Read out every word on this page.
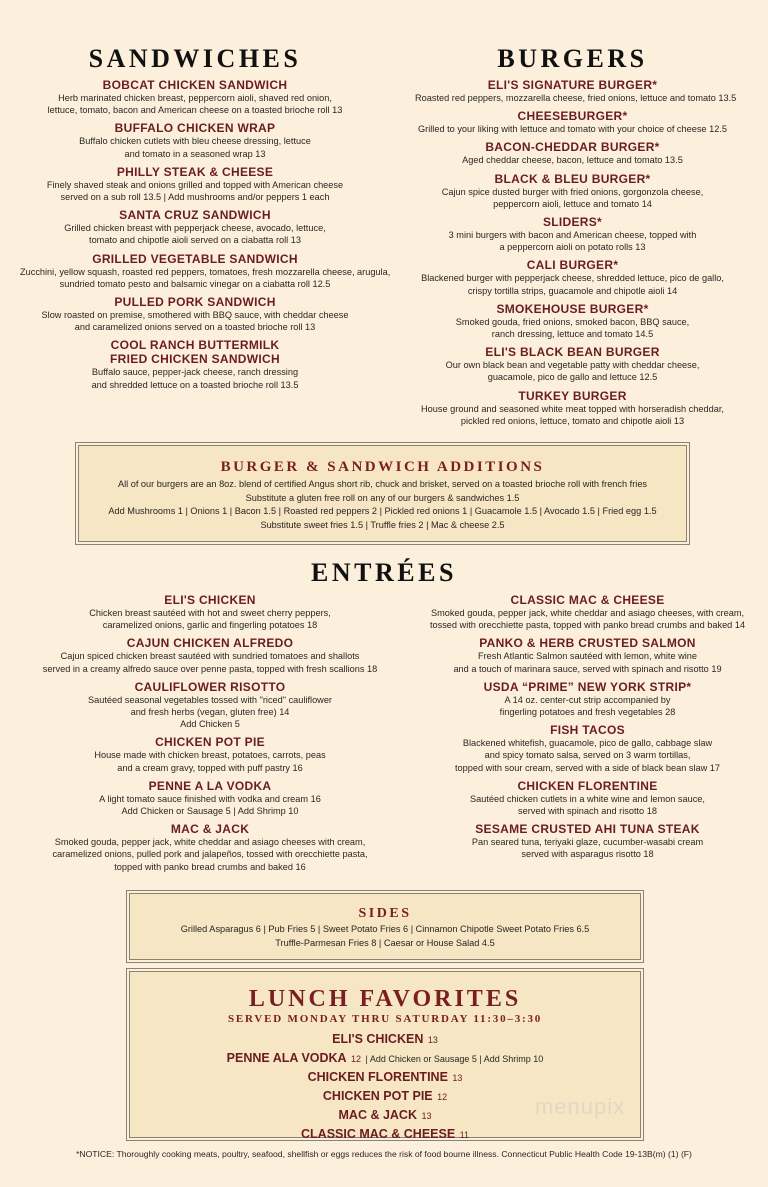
SANDWICHES
BOBCAT CHICKEN SANDWICH
Herb marinated chicken breast, peppercorn aioli, shaved red onion,
lettuce, tomato, bacon and American cheese on a toasted brioche roll 13
BUFFALO CHICKEN WRAP
Buffalo chicken cutlets with bleu cheese dressing, lettuce
and tomato in a seasoned wrap 13
PHILLY STEAK & CHEESE
Finely shaved steak and onions grilled and topped with American cheese
served on a sub roll 13.5 | Add mushrooms and/or peppers 1 each
SANTA CRUZ SANDWICH
Grilled chicken breast with pepperjack cheese, avocado, lettuce,
tomato and chipotle aioli served on a ciabatta roll 13
GRILLED VEGETABLE SANDWICH
Zucchini, yellow squash, roasted red peppers, tomatoes, fresh mozzarella cheese, arugula,
sundried tomato pesto and balsamic vinegar on a ciabatta roll 12.5
PULLED PORK SANDWICH
Slow roasted on premise, smothered with BBQ sauce, with cheddar cheese
and caramelized onions served on a toasted brioche roll 13
COOL RANCH BUTTERMILK
FRIED CHICKEN SANDWICH
Buffalo sauce, pepper-jack cheese, ranch dressing
and shredded lettuce on a toasted brioche roll 13.5
BURGERS
ELI'S SIGNATURE BURGER*
Roasted red peppers, mozzarella cheese, fried onions, lettuce and tomato 13.5
CHEESEBURGER*
Grilled to your liking with lettuce and tomato with your choice of cheese 12.5
BACON-CHEDDAR BURGER*
Aged cheddar cheese, bacon, lettuce and tomato 13.5
BLACK & BLEU BURGER*
Cajun spice dusted burger with fried onions, gorgonzola cheese,
peppercorn aioli, lettuce and tomato 14
SLIDERS*
3 mini burgers with bacon and American cheese, topped with
a peppercorn aioli on potato rolls 13
CALI BURGER*
Blackened burger with pepperjack cheese, shredded lettuce, pico de gallo,
crispy tortilla strips, guacamole and chipotle aioli 14
SMOKEHOUSE BURGER*
Smoked gouda, fried onions, smoked bacon, BBQ sauce,
ranch dressing, lettuce and tomato 14.5
ELI'S BLACK BEAN BURGER
Our own black bean and vegetable patty with cheddar cheese,
guacamole, pico de gallo and lettuce 12.5
TURKEY BURGER
House ground and seasoned white meat topped with horseradish cheddar,
pickled red onions, lettuce, tomato and chipotle aioli 13
BURGER & SANDWICH ADDITIONS
All of our burgers are an 8oz. blend of certified Angus short rib, chuck and brisket, served on a toasted brioche roll with french fries
Substitute a gluten free roll on any of our burgers & sandwiches 1.5
Add Mushrooms 1 | Onions 1 | Bacon 1.5 | Roasted red peppers 2 | Pickled red onions 1 | Guacamole 1.5 | Avocado 1.5 | Fried egg 1.5
Substitute sweet fries 1.5 | Truffle fries 2 | Mac & cheese 2.5
ENTRÉES
ELI'S CHICKEN
Chicken breast sautéed with hot and sweet cherry peppers,
caramelized onions, garlic and fingerling potatoes 18
CAJUN CHICKEN ALFREDO
Cajun spiced chicken breast sautéed with sundried tomatoes and shallots
served in a creamy alfredo sauce over penne pasta, topped with fresh scallions 18
CAULIFLOWER RISOTTO
Sautéed seasonal vegetables tossed with "riced" cauliflower
and fresh herbs (vegan, gluten free) 14
Add Chicken 5
CHICKEN POT PIE
House made with chicken breast, potatoes, carrots, peas
and a cream gravy, topped with puff pastry 16
PENNE A LA VODKA
A light tomato sauce finished with vodka and cream 16
Add Chicken or Sausage 5 | Add Shrimp 10
MAC & JACK
Smoked gouda, pepper jack, white cheddar and asiago cheeses with cream,
caramelized onions, pulled pork and jalapeños, tossed with orecchiette pasta,
topped with panko bread crumbs and baked 16
CLASSIC MAC & CHEESE
Smoked gouda, pepper jack, white cheddar and asiago cheeses, with cream,
tossed with orecchiette pasta, topped with panko bread crumbs and baked 14
PANKO & HERB CRUSTED SALMON
Fresh Atlantic Salmon sautéed with lemon, white wine
and a touch of marinara sauce, served with spinach and risotto 19
USDA “PRIME” NEW YORK STRIP*
A 14 oz. center-cut strip accompanied by
fingerling potatoes and fresh vegetables 28
FISH TACOS
Blackened whitefish, guacamole, pico de gallo, cabbage slaw
and spicy tomato salsa, served on 3 warm tortillas,
topped with sour cream, served with a side of black bean slaw 17
CHICKEN FLORENTINE
Sautéed chicken cutlets in a white wine and lemon sauce,
served with spinach and risotto 18
SESAME CRUSTED AHI TUNA STEAK
Pan seared tuna, teriyaki glaze, cucumber-wasabi cream
served with asparagus risotto 18
SIDES
Grilled Asparagus 6 | Pub Fries 5 | Sweet Potato Fries 6 | Cinnamon Chipotle Sweet Potato Fries 6.5
Truffle-Parmesan Fries 8 | Caesar or House Salad 4.5
LUNCH FAVORITES
SERVED MONDAY THRU SATURDAY 11:30–3:30
ELI'S CHICKEN 13
PENNE ALA VODKA 12 | Add Chicken or Sausage 5 | Add Shrimp 10
CHICKEN FLORENTINE 13
CHICKEN POT PIE 12
MAC & JACK 13
CLASSIC MAC & CHEESE 11
menupix
*NOTICE: Thoroughly cooking meats, poultry, seafood, shellfish or eggs reduces the risk of food bourne illness. Connecticut Public Health Code 19-13B(m) (1) (F)
